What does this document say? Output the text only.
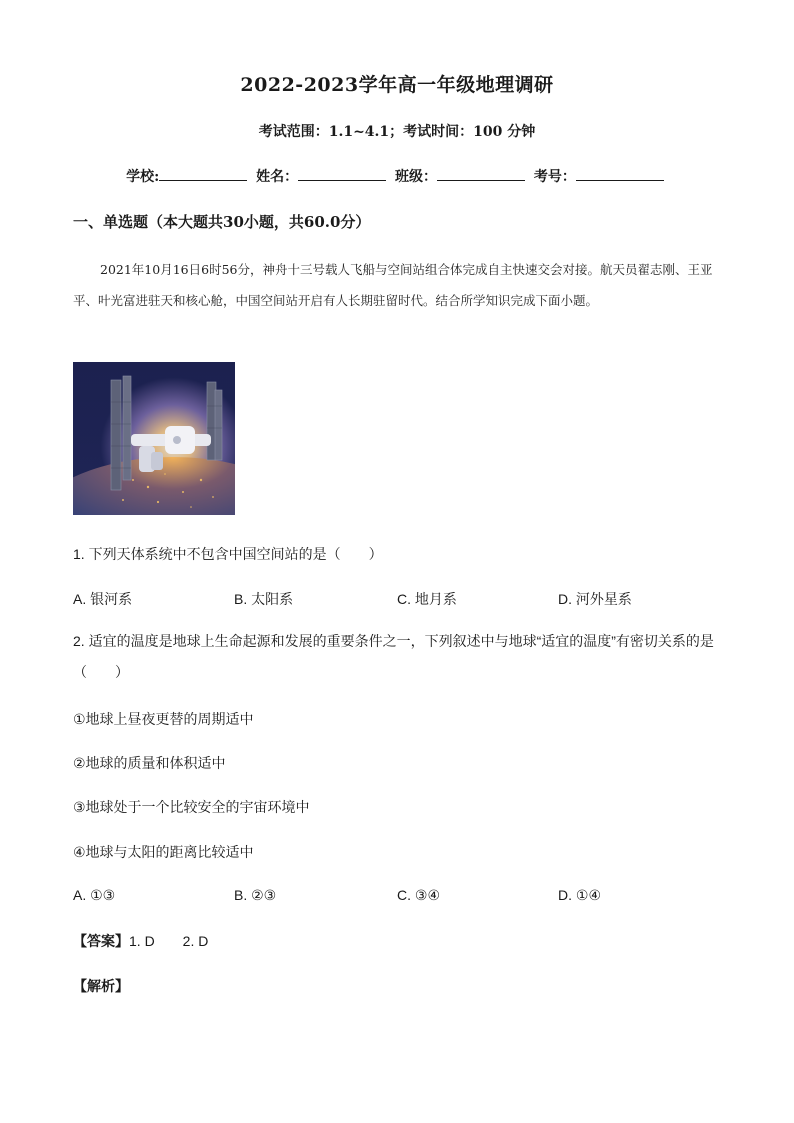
2022-2023学年高一年级地理调研
考试范围：1.1~4.1；考试时间：100 分钟
学校:	姓名：	班级：	考号：
一、单选题（本大题共30小题，共60.0分）

2021年10月16日6时56分，神舟十三号载人飞船与空间站组合体完成自主快速交会对接。航天员翟志刚、王亚平、叶光富进驻天和核心舱，中国空间站开启有人长期驻留时代。结合所学知识完成下面小题。

1. 下列天体系统中不包含中国空间站的是（　　）
A. 银河系	B. 太阳系	C. 地月系	D. 河外星系
2. 适宜的温度是地球上生命起源和发展的重要条件之一，下列叙述中与地球“适宜的温度”有密切关系的是（　　）
①地球上昼夜更替的周期适中
②地球的质量和体积适中
③地球处于一个比较安全的宇宙环境中
④地球与太阳的距离比较适中
A. ①③	B. ②③	C. ③④	D. ①④
【答案】1. D　　2. D
【解析】
